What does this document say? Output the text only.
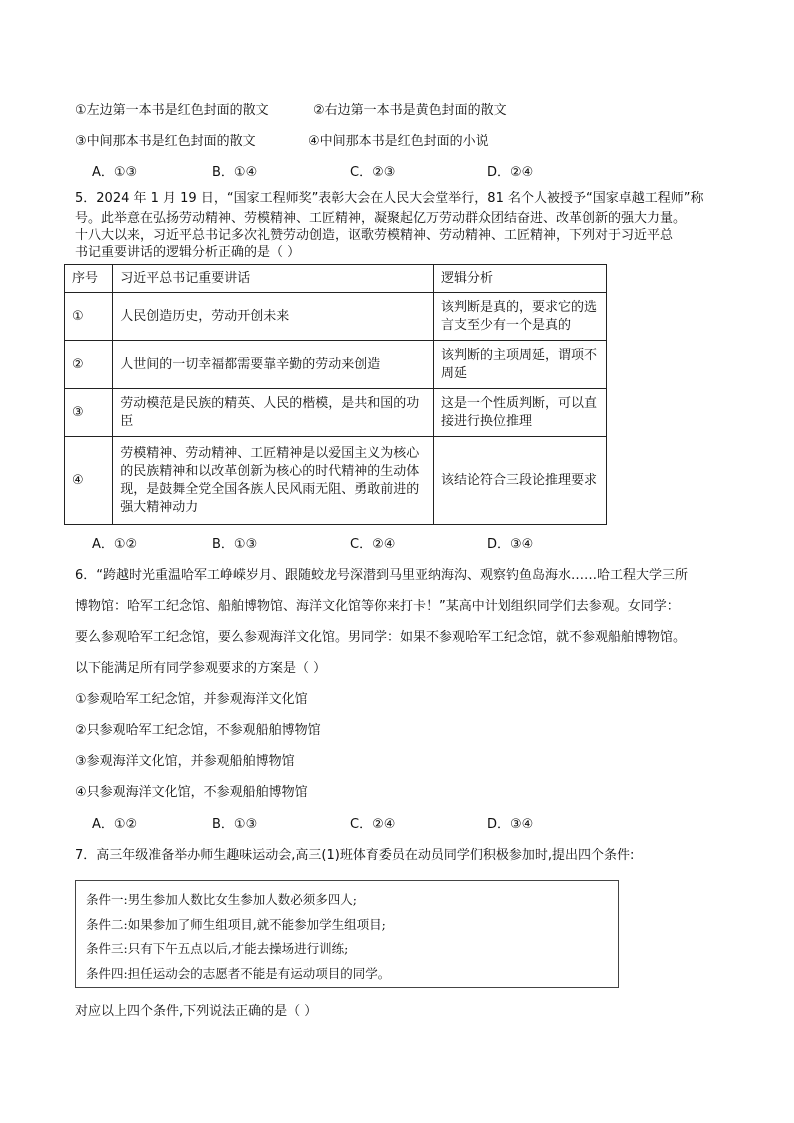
①左边第一本书是红色封面的散文	②右边第一本书是黄色封面的散文
③中间那本书是红色封面的散文	④中间那本书是红色封面的小说
A．①③	B．①④	C．②③	D．②④
5．2024 年 1 月 19 日，“国家工程师奖”表彰大会在人民大会堂举行，81 名个人被授予“国家卓越工程师”称
号。此举意在弘扬劳动精神、劳模精神、工匠精神，凝聚起亿万劳动群众团结奋进、改革创新的强大力量。
十八大以来，习近平总书记多次礼赞劳动创造，讴歌劳模精神、劳动精神、工匠精神，下列对于习近平总
书记重要讲话的逻辑分析正确的是（ ）
序号	习近平总书记重要讲话	逻辑分析
①	人民创造历史，劳动开创未来	该判断是真的，要求它的选言支至少有一个是真的
②	人世间的一切幸福都需要靠辛勤的劳动来创造	该判断的主项周延，谓项不周延
③	劳动模范是民族的精英、人民的楷模，是共和国的功臣	这是一个性质判断，可以直接进行换位推理
④	劳模精神、劳动精神、工匠精神是以爱国主义为核心的民族精神和以改革创新为核心的时代精神的生动体现，是鼓舞全党全国各族人民风雨无阻、勇敢前进的强大精神动力	该结论符合三段论推理要求
A．①②	B．①③	C．②④	D．③④
6．“跨越时光重温哈军工峥嵘岁月、跟随蛟龙号深潜到马里亚纳海沟、观察钓鱼岛海水……哈工程大学三所
博物馆：哈军工纪念馆、船舶博物馆、海洋文化馆等你来打卡！”某高中计划组织同学们去参观。女同学：
要么参观哈军工纪念馆，要么参观海洋文化馆。男同学：如果不参观哈军工纪念馆，就不参观船舶博物馆。
以下能满足所有同学参观要求的方案是（ ）
①参观哈军工纪念馆，并参观海洋文化馆
②只参观哈军工纪念馆，不参观船舶博物馆
③参观海洋文化馆，并参观船舶博物馆
④只参观海洋文化馆，不参观船舶博物馆
A．①②	B．①③	C．②④	D．③④
7．高三年级准备举办师生趣味运动会,高三(1)班体育委员在动员同学们积极参加时,提出四个条件:
条件一:男生参加人数比女生参加人数必须多四人;
条件二:如果参加了师生组项目,就不能参加学生组项目;
条件三:只有下午五点以后,才能去操场进行训练;
条件四:担任运动会的志愿者不能是有运动项目的同学。
对应以上四个条件,下列说法正确的是（ ）
